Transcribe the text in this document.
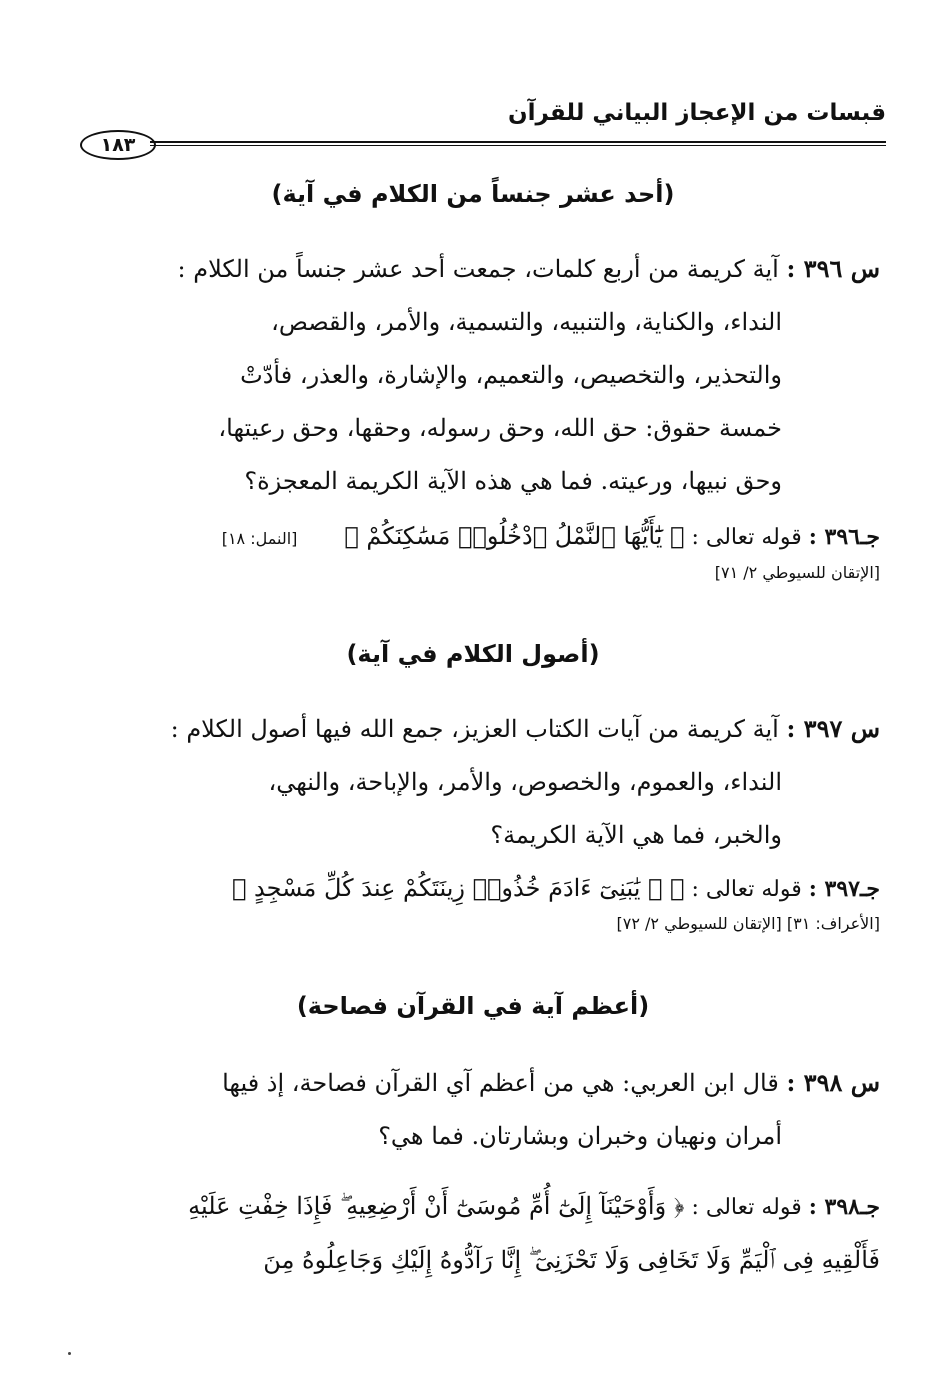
قبسات من الإعجاز البياني للقرآن
١٨٣
(أحد عشر جنساً من الكلام في آية)
س ٣٩٦ : آية كريمة من أربع كلمات، جمعت أحد عشر جنساً من الكلام :
النداء، والكناية، والتنبيه، والتسمية، والأمر، والقصص،
والتحذير، والتخصيص، والتعميم، والإشارة، والعذر، فأدّتْ
خمسة حقوق: حق الله، وحق رسوله، وحقها، وحق رعيتها،
وحق نبيها، ورعيته. فما هي هذه الآية الكريمة المعجزة؟
جـ٣٩٦ : قوله تعالى : ﴿ يَٰٓأَيُّهَا ٱلنَّمْلُ ٱدْخُلُوا۟ مَسَٰكِنَكُمْ ﴾ [النمل: ١٨]
[الإتقان للسيوطي ٢/ ٧١]
(أصول الكلام في آية)
س ٣٩٧ : آية كريمة من آيات الكتاب العزيز، جمع الله فيها أصول الكلام :
النداء، والعموم، والخصوص، والأمر، والإباحة، والنهي،
والخبر، فما هي الآية الكريمة؟
جـ٣٩٧ : قوله تعالى : ﴿ ۞ يَٰبَنِىٓ ءَادَمَ خُذُوا۟ زِينَتَكُمْ عِندَ كُلِّ مَسْجِدٍ ﴾
[الأعراف: ٣١] [الإتقان للسيوطي ٢/ ٧٢]
(أعظم آية في القرآن فصاحة)
س ٣٩٨ : قال ابن العربي: هي من أعظم آي القرآن فصاحة، إذ فيها
أمران ونهيان وخبران وبشارتان. فما هي؟
جـ٣٩٨ : قوله تعالى : ﴿ وَأَوْحَيْنَآ إِلَىٰٓ أُمِّ مُوسَىٰٓ أَنْ أَرْضِعِيهِ ۖ فَإِذَا خِفْتِ عَلَيْهِ
فَأَلْقِيهِ فِى ٱلْيَمِّ وَلَا تَخَافِى وَلَا تَحْزَنِىٓ ۖ إِنَّا رَآدُّوهُ إِلَيْكِ وَجَاعِلُوهُ مِنَ
